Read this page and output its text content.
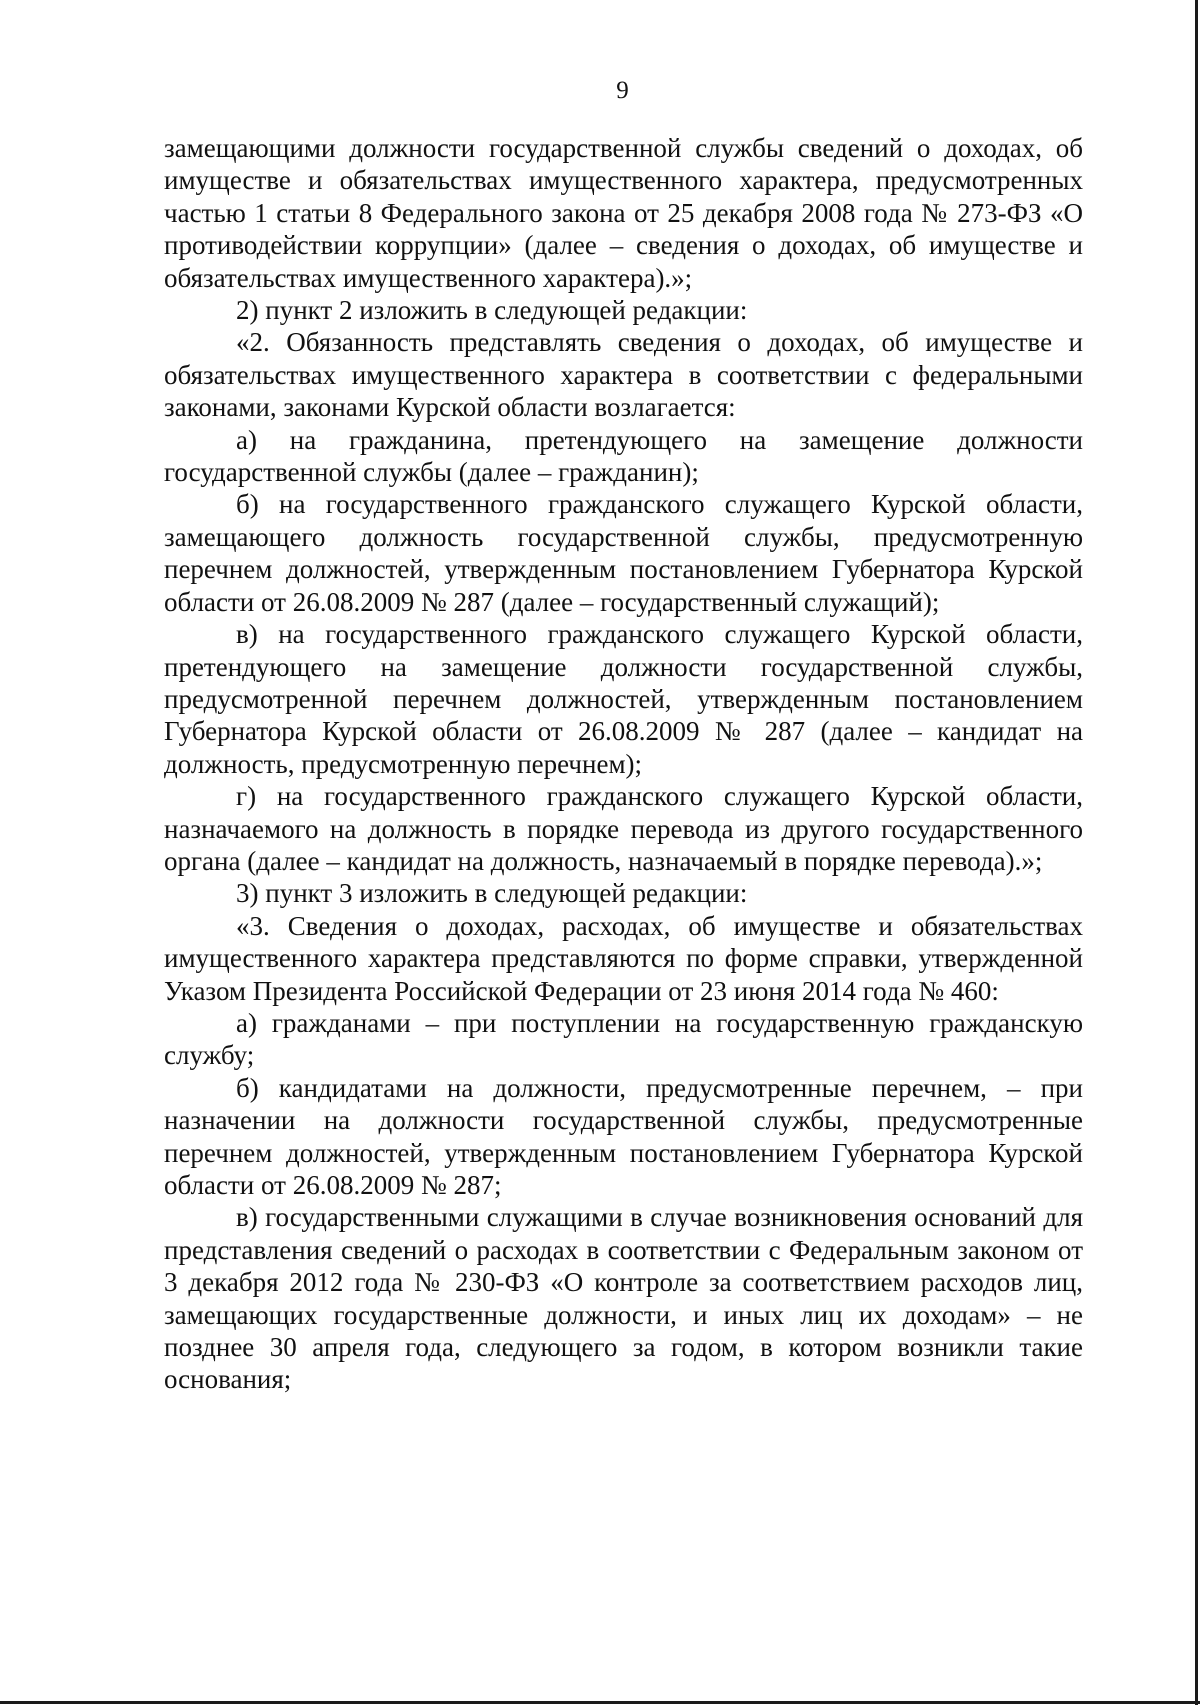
9

замещающими должности государственной службы сведений о доходах, об имуществе и обязательствах имущественного характера, предусмотренных частью 1 статьи 8 Федерального закона от 25 декабря 2008 года № 273-ФЗ «О противодействии коррупции» (далее – сведения о доходах, об имуществе и обязательствах имущественного характера).»;

2) пункт 2 изложить в следующей редакции:

«2. Обязанность представлять сведения о доходах, об имуществе и обязательствах имущественного характера в соответствии с федеральными законами, законами Курской области возлагается:

а) на гражданина, претендующего на замещение должности государственной службы (далее – гражданин);

б) на государственного гражданского служащего Курской области, замещающего должность государственной службы, предусмотренную перечнем должностей, утвержденным постановлением Губернатора Курской области от 26.08.2009 № 287 (далее – государственный служащий);

в) на государственного гражданского служащего Курской области, претендующего на замещение должности государственной службы, предусмотренной перечнем должностей, утвержденным постановлением Губернатора Курской области от 26.08.2009 № 287 (далее – кандидат на должность, предусмотренную перечнем);

г) на государственного гражданского служащего Курской области, назначаемого на должность в порядке перевода из другого государственного органа (далее – кандидат на должность, назначаемый в порядке перевода).»;

3) пункт 3 изложить в следующей редакции:

«3. Сведения о доходах, расходах, об имуществе и обязательствах имущественного характера представляются по форме справки, утвержденной Указом Президента Российской Федерации от 23 июня 2014 года № 460:

а) гражданами – при поступлении на государственную гражданскую службу;

б) кандидатами на должности, предусмотренные перечнем, – при назначении на должности государственной службы, предусмотренные перечнем должностей, утвержденным постановлением Губернатора Курской области от 26.08.2009 № 287;

в) государственными служащими в случае возникновения оснований для представления сведений о расходах в соответствии с Федеральным законом от 3 декабря 2012 года № 230-ФЗ «О контроле за соответствием расходов лиц, замещающих государственные должности, и иных лиц их доходам» – не позднее 30 апреля года, следующего за годом, в котором возникли такие основания;
